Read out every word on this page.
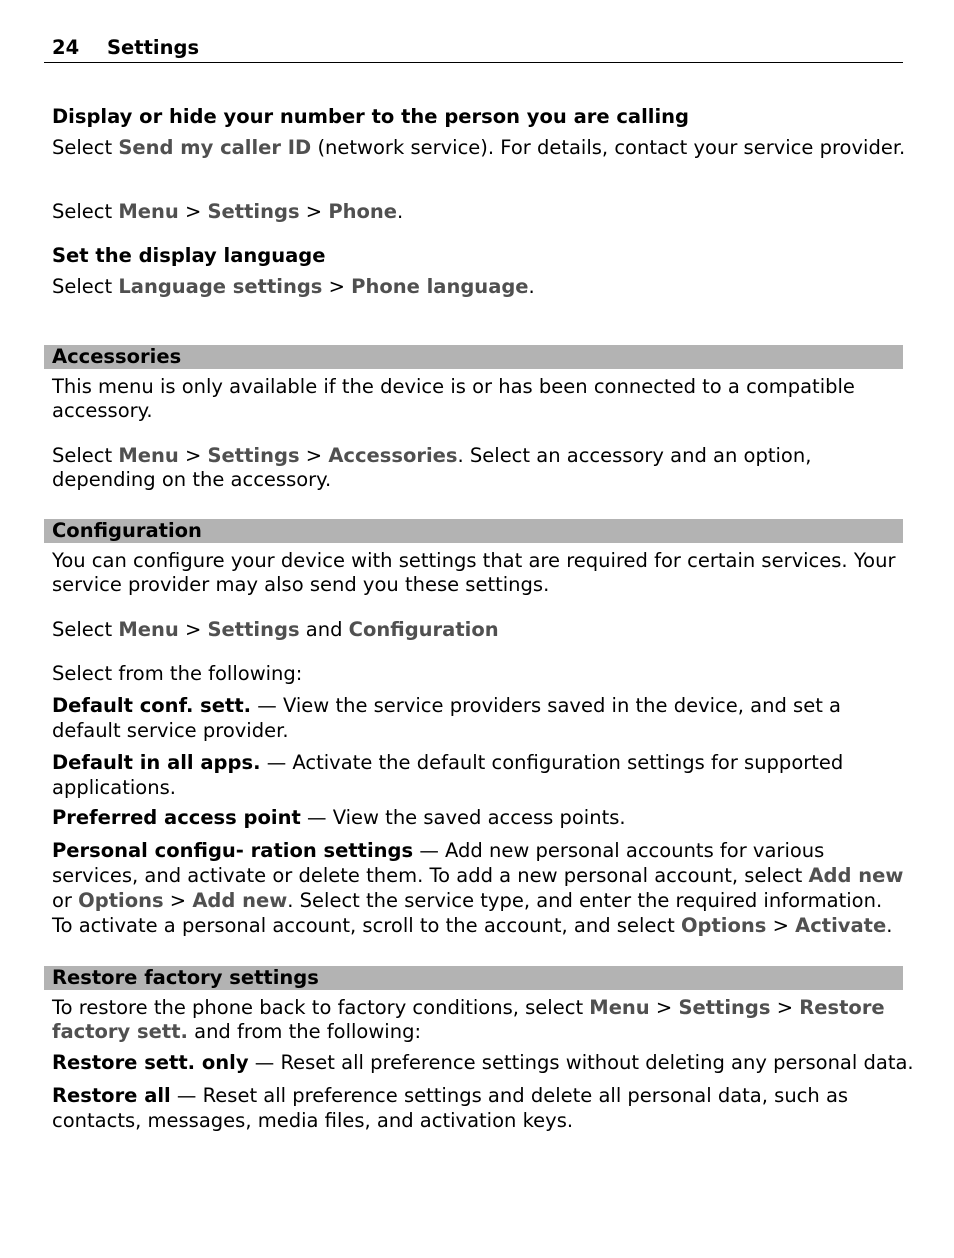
24 Settings
Display or hide your number to the person you are calling
Select Send my caller ID (network service). For details, contact your service provider.
Select Menu > Settings > Phone.
Set the display language
Select Language settings > Phone language.
Accessories
This menu is only available if the device is or has been connected to a compatible accessory.
Select Menu > Settings > Accessories. Select an accessory and an option, depending on the accessory.
Configuration
You can configure your device with settings that are required for certain services. Your service provider may also send you these settings.
Select Menu > Settings and Configuration
Select from the following:
Default conf. sett. — View the service providers saved in the device, and set a default service provider.
Default in all apps. — Activate the default configuration settings for supported applications.
Preferred access point — View the saved access points.
Personal configu- ration settings — Add new personal accounts for various services, and activate or delete them. To add a new personal account, select Add new or Options > Add new. Select the service type, and enter the required information. To activate a personal account, scroll to the account, and select Options > Activate.
Restore factory settings
To restore the phone back to factory conditions, select Menu > Settings > Restore factory sett. and from the following:
Restore sett. only — Reset all preference settings without deleting any personal data.
Restore all — Reset all preference settings and delete all personal data, such as contacts, messages, media files, and activation keys.
